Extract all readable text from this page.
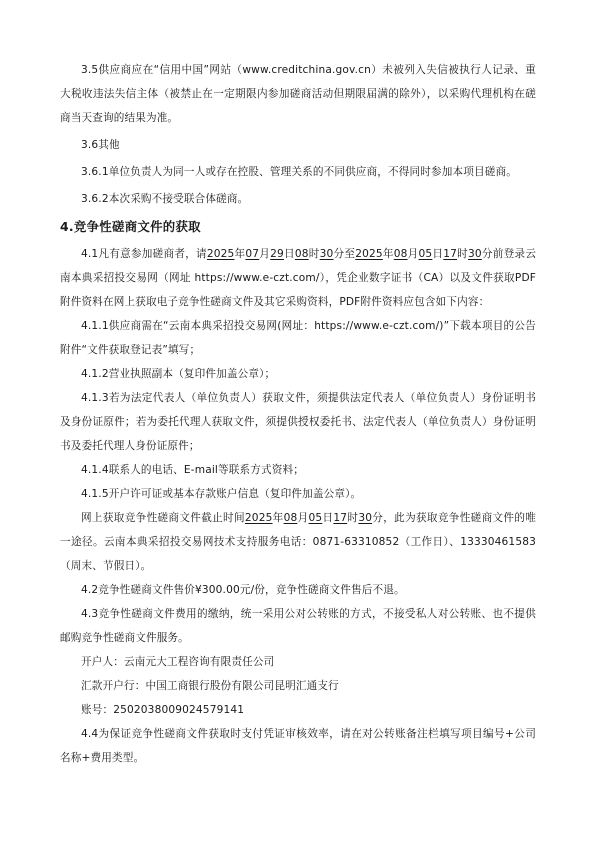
3.5供应商应在“信用中国”网站（www.creditchina.gov.cn）未被列入失信被执行人记录、重大税收违法失信主体（被禁止在一定期限内参加磋商活动但期限届满的除外），以采购代理机构在磋商当天查询的结果为准。

3.6其他

3.6.1单位负责人为同一人或存在控股、管理关系的不同供应商，不得同时参加本项目磋商。

3.6.2本次采购不接受联合体磋商。

4.竞争性磋商文件的获取

4.1凡有意参加磋商者，请2025年07月29日08时30分至2025年08月05日17时30分前登录云南本典采招投交易网（网址 https://www.e-czt.com/），凭企业数字证书（CA）以及文件获取PDF附件资料在网上获取电子竞争性磋商文件及其它采购资料，PDF附件资料应包含如下内容：

4.1.1供应商需在“云南本典采招投交易网(网址：https://www.e-czt.com/)”下载本项目的公告附件“文件获取登记表”填写；

4.1.2营业执照副本（复印件加盖公章）；

4.1.3若为法定代表人（单位负责人）获取文件，须提供法定代表人（单位负责人）身份证明书及身份证原件；若为委托代理人获取文件，须提供授权委托书、法定代表人（单位负责人）身份证明书及委托代理人身份证原件；

4.1.4联系人的电话、E-mail等联系方式资料；

4.1.5开户许可证或基本存款账户信息（复印件加盖公章）。

网上获取竞争性磋商文件截止时间2025年08月05日17时30分，此为获取竞争性磋商文件的唯一途径。云南本典采招投交易网技术支持服务电话：0871-63310852（工作日）、13330461583（周末、节假日）。

4.2竞争性磋商文件售价¥300.00元/份，竞争性磋商文件售后不退。

4.3竞争性磋商文件费用的缴纳，统一采用公对公转账的方式，不接受私人对公转账、也不提供邮购竞争性磋商文件服务。

开户人：云南元大工程咨询有限责任公司

汇款开户行：中国工商银行股份有限公司昆明汇通支行

账号：2502038009024579141

4.4为保证竞争性磋商文件获取时支付凭证审核效率，请在对公转账备注栏填写项目编号+公司名称+费用类型。
